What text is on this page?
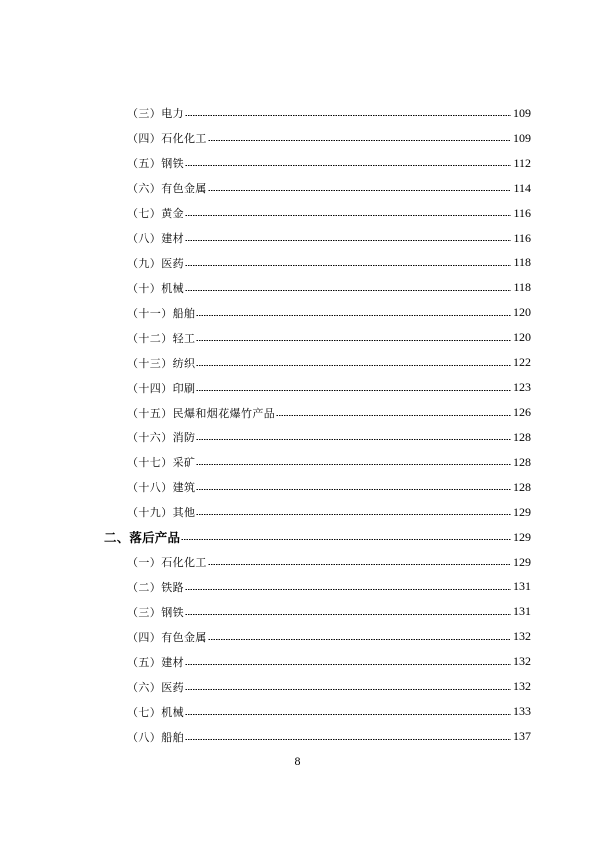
（三）电力	109
（四）石化化工	109
（五）钢铁	112
（六）有色金属	114
（七）黄金	116
（八）建材	116
（九）医药	118
（十）机械	118
（十一）船舶	120
（十二）轻工	120
（十三）纺织	122
（十四）印刷	123
（十五）民爆和烟花爆竹产品	126
（十六）消防	128
（十七）采矿	128
（十八）建筑	128
（十九）其他	129
二、落后产品	129
（一）石化化工	129
（二）铁路	131
（三）钢铁	131
（四）有色金属	132
（五）建材	132
（六）医药	132
（七）机械	133
（八）船舶	137
8
